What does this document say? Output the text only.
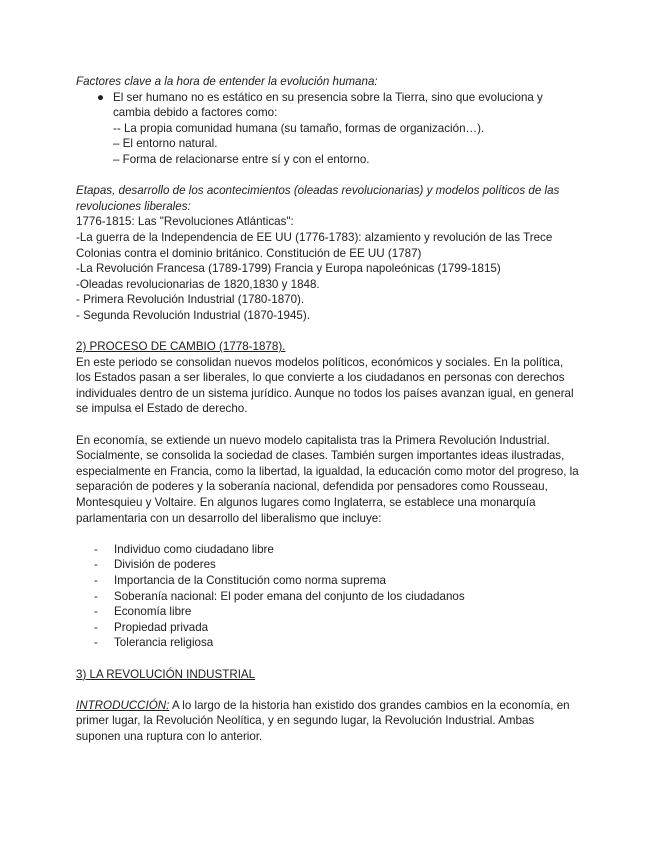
Factores clave a la hora de entender la evolución humana:

● El ser humano no es estático en su presencia sobre la Tierra, sino que evoluciona y cambia debido a factores como:

-- La propia comunidad humana (su tamaño, formas de organización…).

– El entorno natural.

– Forma de relacionarse entre sí y con el entorno.

Etapas, desarrollo de los acontecimientos (oleadas revolucionarias) y modelos políticos de las revoluciones liberales:

1776-1815: Las "Revoluciones Atlánticas":

-La guerra de la Independencia de EE UU (1776-1783): alzamiento y revolución de las Trece Colonias contra el dominio británico. Constitución de EE UU (1787)

-La Revolución Francesa (1789-1799) Francia y Europa napoleónicas (1799-1815)

-Oleadas revolucionarias de 1820,1830 y 1848.

- Primera Revolución Industrial (1780-1870).

- Segunda Revolución Industrial (1870-1945).

2) PROCESO DE CAMBIO (1778-1878).

En este periodo se consolidan nuevos modelos políticos, económicos y sociales. En la política, los Estados pasan a ser liberales, lo que convierte a los ciudadanos en personas con derechos individuales dentro de un sistema jurídico. Aunque no todos los países avanzan igual, en general se impulsa el Estado de derecho.

En economía, se extiende un nuevo modelo capitalista tras la Primera Revolución Industrial. Socialmente, se consolida la sociedad de clases. También surgen importantes ideas ilustradas, especialmente en Francia, como la libertad, la igualdad, la educación como motor del progreso, la separación de poderes y la soberanía nacional, defendida por pensadores como Rousseau, Montesquieu y Voltaire. En algunos lugares como Inglaterra, se establece una monarquía parlamentaria con un desarrollo del liberalismo que incluye:

- Individuo como ciudadano libre
- División de poderes
- Importancia de la Constitución como norma suprema
- Soberanía nacional: El poder emana del conjunto de los ciudadanos
- Economía libre
- Propiedad privada
- Tolerancia religiosa

3) LA REVOLUCIÓN INDUSTRIAL

INTRODUCCIÓN: A lo largo de la historia han existido dos grandes cambios en la economía, en primer lugar, la Revolución Neolítica, y en segundo lugar, la Revolución Industrial. Ambas suponen una ruptura con lo anterior.
